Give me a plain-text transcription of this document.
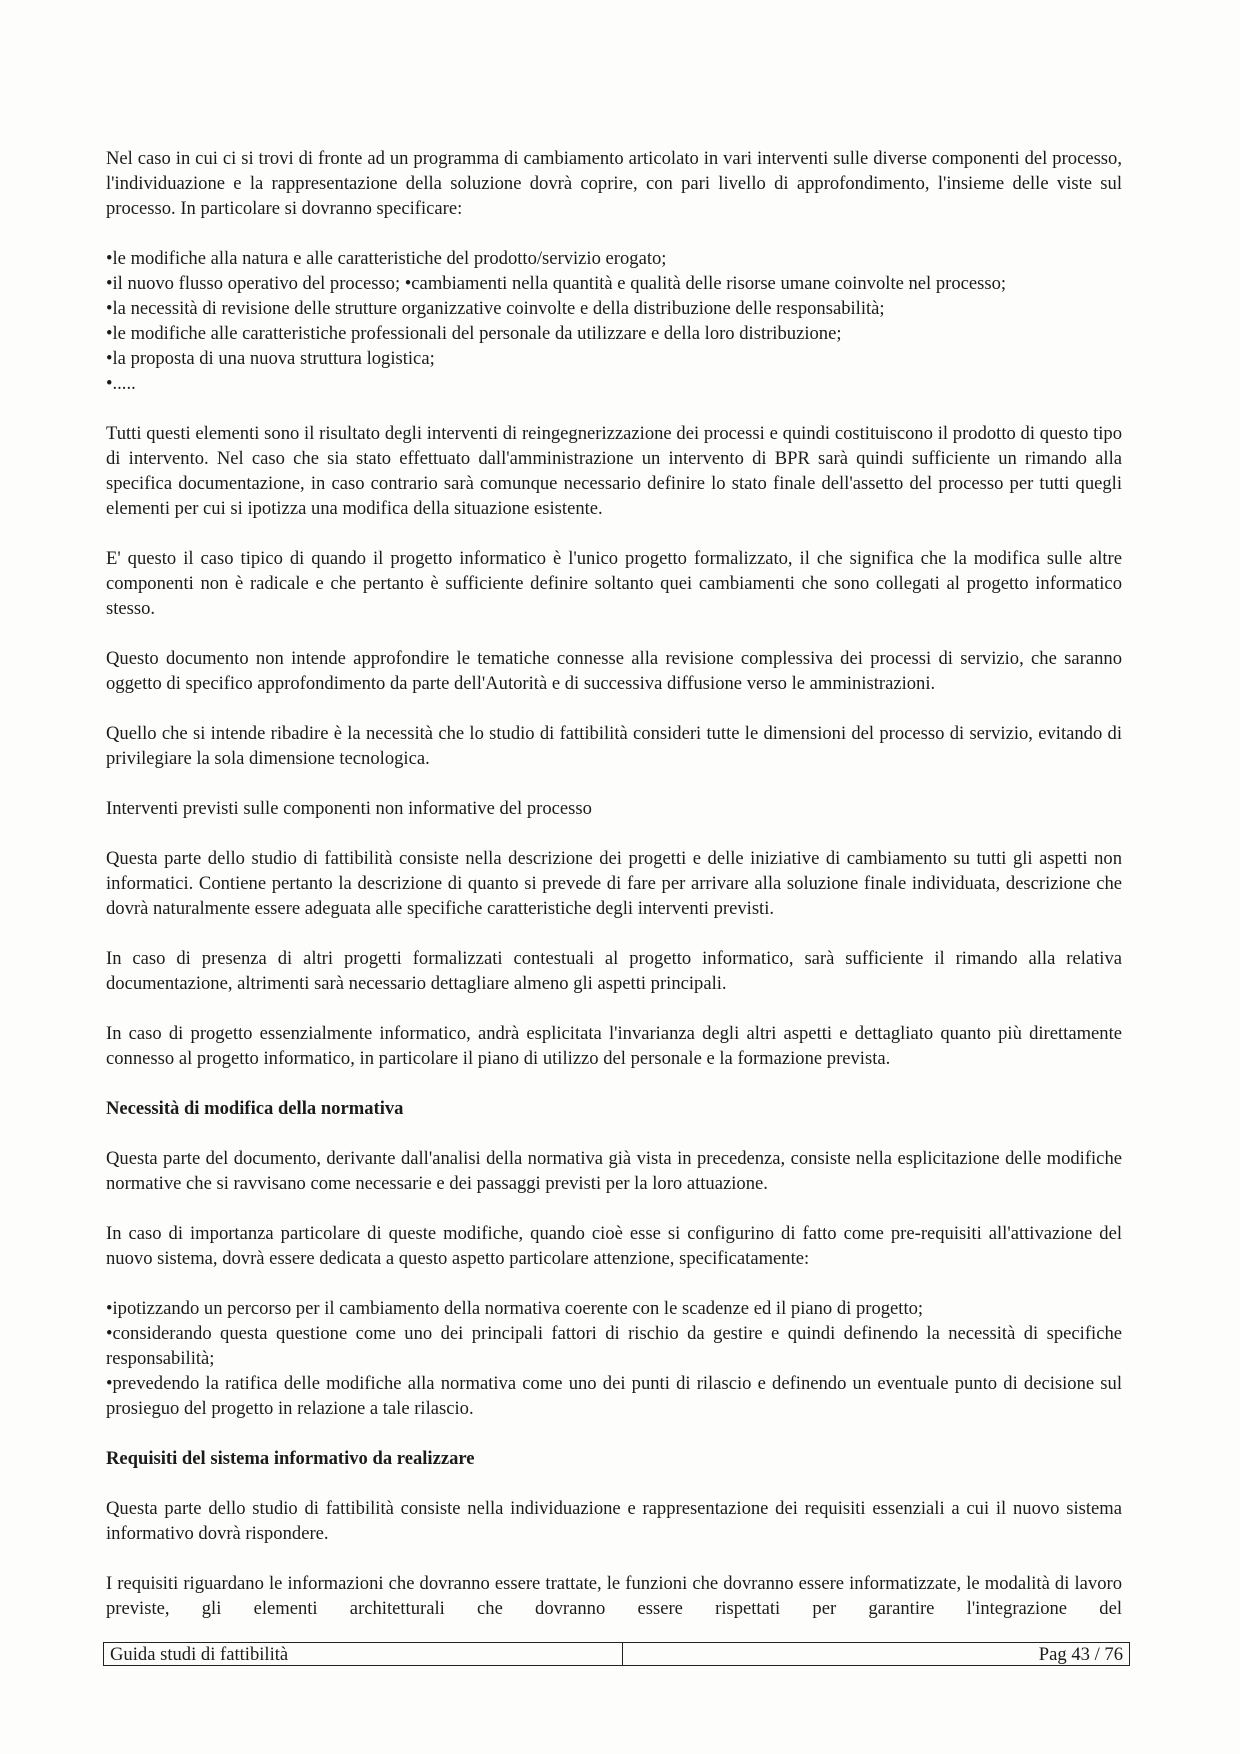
Nel caso in cui ci si trovi di fronte ad un programma di cambiamento articolato in vari interventi sulle diverse componenti del processo, l'individuazione e la rappresentazione della soluzione dovrà coprire, con pari livello di approfondimento, l'insieme delle viste sul processo. In particolare si dovranno specificare:

•le modifiche alla natura e alle caratteristiche del prodotto/servizio erogato;
•il nuovo flusso operativo del processo; •cambiamenti nella quantità e qualità delle risorse umane coinvolte nel processo;
•la necessità di revisione delle strutture organizzative coinvolte e della distribuzione delle responsabilità;
•le modifiche alle caratteristiche professionali del personale da utilizzare e della loro distribuzione;
•la proposta di una nuova struttura logistica;
•.....

Tutti questi elementi sono il risultato degli interventi di reingegnerizzazione dei processi e quindi costituiscono il prodotto di questo tipo di intervento. Nel caso che sia stato effettuato dall'amministrazione un intervento di BPR sarà quindi sufficiente un rimando alla specifica documentazione, in caso contrario sarà comunque necessario definire lo stato finale dell'assetto del processo per tutti quegli elementi per cui si ipotizza una modifica della situazione esistente.

E' questo il caso tipico di quando il progetto informatico è l'unico progetto formalizzato, il che significa che la modifica sulle altre componenti non è radicale e che pertanto è sufficiente definire soltanto quei cambiamenti che sono collegati al progetto informatico stesso.

Questo documento non intende approfondire le tematiche connesse alla revisione complessiva dei processi di servizio, che saranno oggetto di specifico approfondimento da parte dell'Autorità e di successiva diffusione verso le amministrazioni.

Quello che si intende ribadire è la necessità che lo studio di fattibilità consideri tutte le dimensioni del processo di servizio, evitando di privilegiare la sola dimensione tecnologica.

Interventi previsti sulle componenti non informative del processo

Questa parte dello studio di fattibilità consiste nella descrizione dei progetti e delle iniziative di cambiamento su tutti gli aspetti non informatici. Contiene pertanto la descrizione di quanto si prevede di fare per arrivare alla soluzione finale individuata, descrizione che dovrà naturalmente essere adeguata alle specifiche caratteristiche degli interventi previsti.

In caso di presenza di altri progetti formalizzati contestuali al progetto informatico, sarà sufficiente il rimando alla relativa documentazione, altrimenti sarà necessario dettagliare almeno gli aspetti principali.

In caso di progetto essenzialmente informatico, andrà esplicitata l'invarianza degli altri aspetti e dettagliato quanto più direttamente connesso al progetto informatico, in particolare il piano di utilizzo del personale e la formazione prevista.

Necessità di modifica della normativa

Questa parte del documento, derivante dall'analisi della normativa già vista in precedenza, consiste nella esplicitazione delle modifiche normative che si ravvisano come necessarie e dei passaggi previsti per la loro attuazione.

In caso di importanza particolare di queste modifiche, quando cioè esse si configurino di fatto come pre-requisiti all'attivazione del nuovo sistema, dovrà essere dedicata a questo aspetto particolare attenzione, specificatamente:

•ipotizzando un percorso per il cambiamento della normativa coerente con le scadenze ed il piano di progetto;
•considerando questa questione come uno dei principali fattori di rischio da gestire e quindi definendo la necessità di specifiche responsabilità;
•prevedendo la ratifica delle modifiche alla normativa come uno dei punti di rilascio e definendo un eventuale punto di decisione sul prosieguo del progetto in relazione a tale rilascio.

Requisiti del sistema informativo da realizzare

Questa parte dello studio di fattibilità consiste nella individuazione e rappresentazione dei requisiti essenziali a cui il nuovo sistema informativo dovrà rispondere.

I requisiti riguardano le informazioni che dovranno essere trattate, le funzioni che dovranno essere informatizzate, le modalità di lavoro previste, gli elementi architetturali che dovranno essere rispettati per garantire l'integrazione del

Guida studi di fattibilità	Pag 43 / 76
